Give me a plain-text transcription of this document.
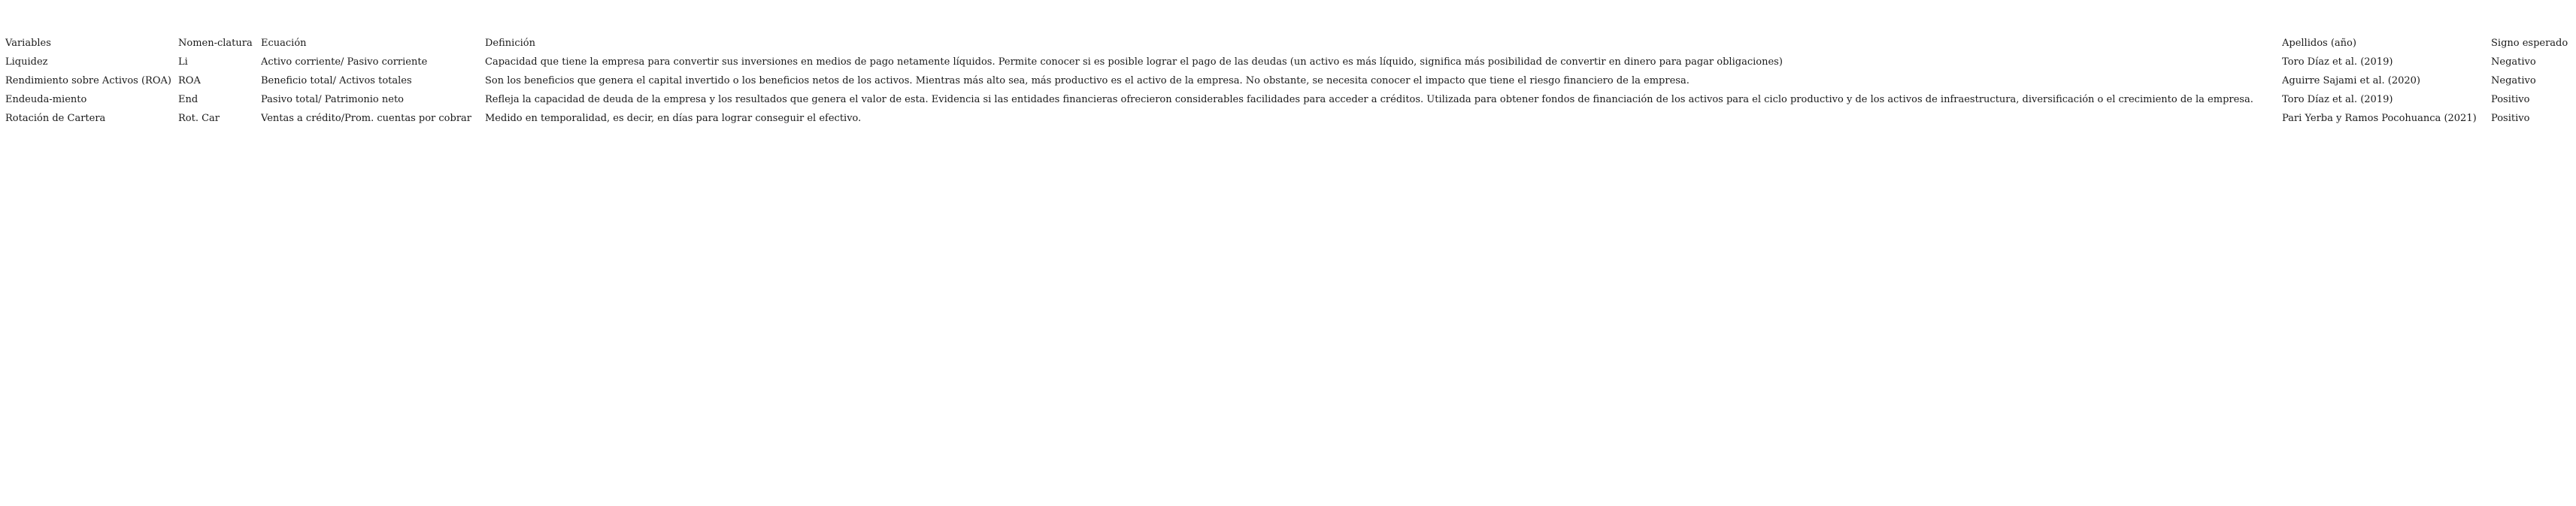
Variables	Nomen-clatura	Ecuación	Definición	Apellidos (año)	Signo esperado
Liquidez	Li	Activo corriente/ Pasivo corriente	Capacidad que tiene la empresa para convertir sus inversiones en medios de pago netamente líquidos. Permite conocer si es posible lograr el pago de las deudas (un activo es más líquido, significa más posibilidad de convertir en dinero para pagar obligaciones)	Toro Díaz et al. (2019)	Negativo
Rendimiento sobre Activos (ROA)	ROA	Beneficio total/ Activos totales	Son los beneficios que genera el capital invertido o los beneficios netos de los activos. Mientras más alto sea, más productivo es el activo de la empresa. No obstante, se necesita conocer el impacto que tiene el riesgo financiero de la empresa.	Aguirre Sajami et al. (2020)	Negativo
Endeuda-miento	End	Pasivo total/ Patrimonio neto	Refleja la capacidad de deuda de la empresa y los resultados que genera el valor de esta. Evidencia si las entidades financieras ofrecieron considerables facilidades para acceder a créditos. Utilizada para obtener fondos de financiación de los activos para el ciclo productivo y de los activos de infraestructura, diversificación o el crecimiento de la empresa.	Toro Díaz et al. (2019)	Positivo
Rotación de Cartera	Rot. Car	Ventas a crédito/Prom. cuentas por cobrar	Medido en temporalidad, es decir, en días para lograr conseguir el efectivo.	Pari Yerba y Ramos Pocohuanca (2021)	Positivo
